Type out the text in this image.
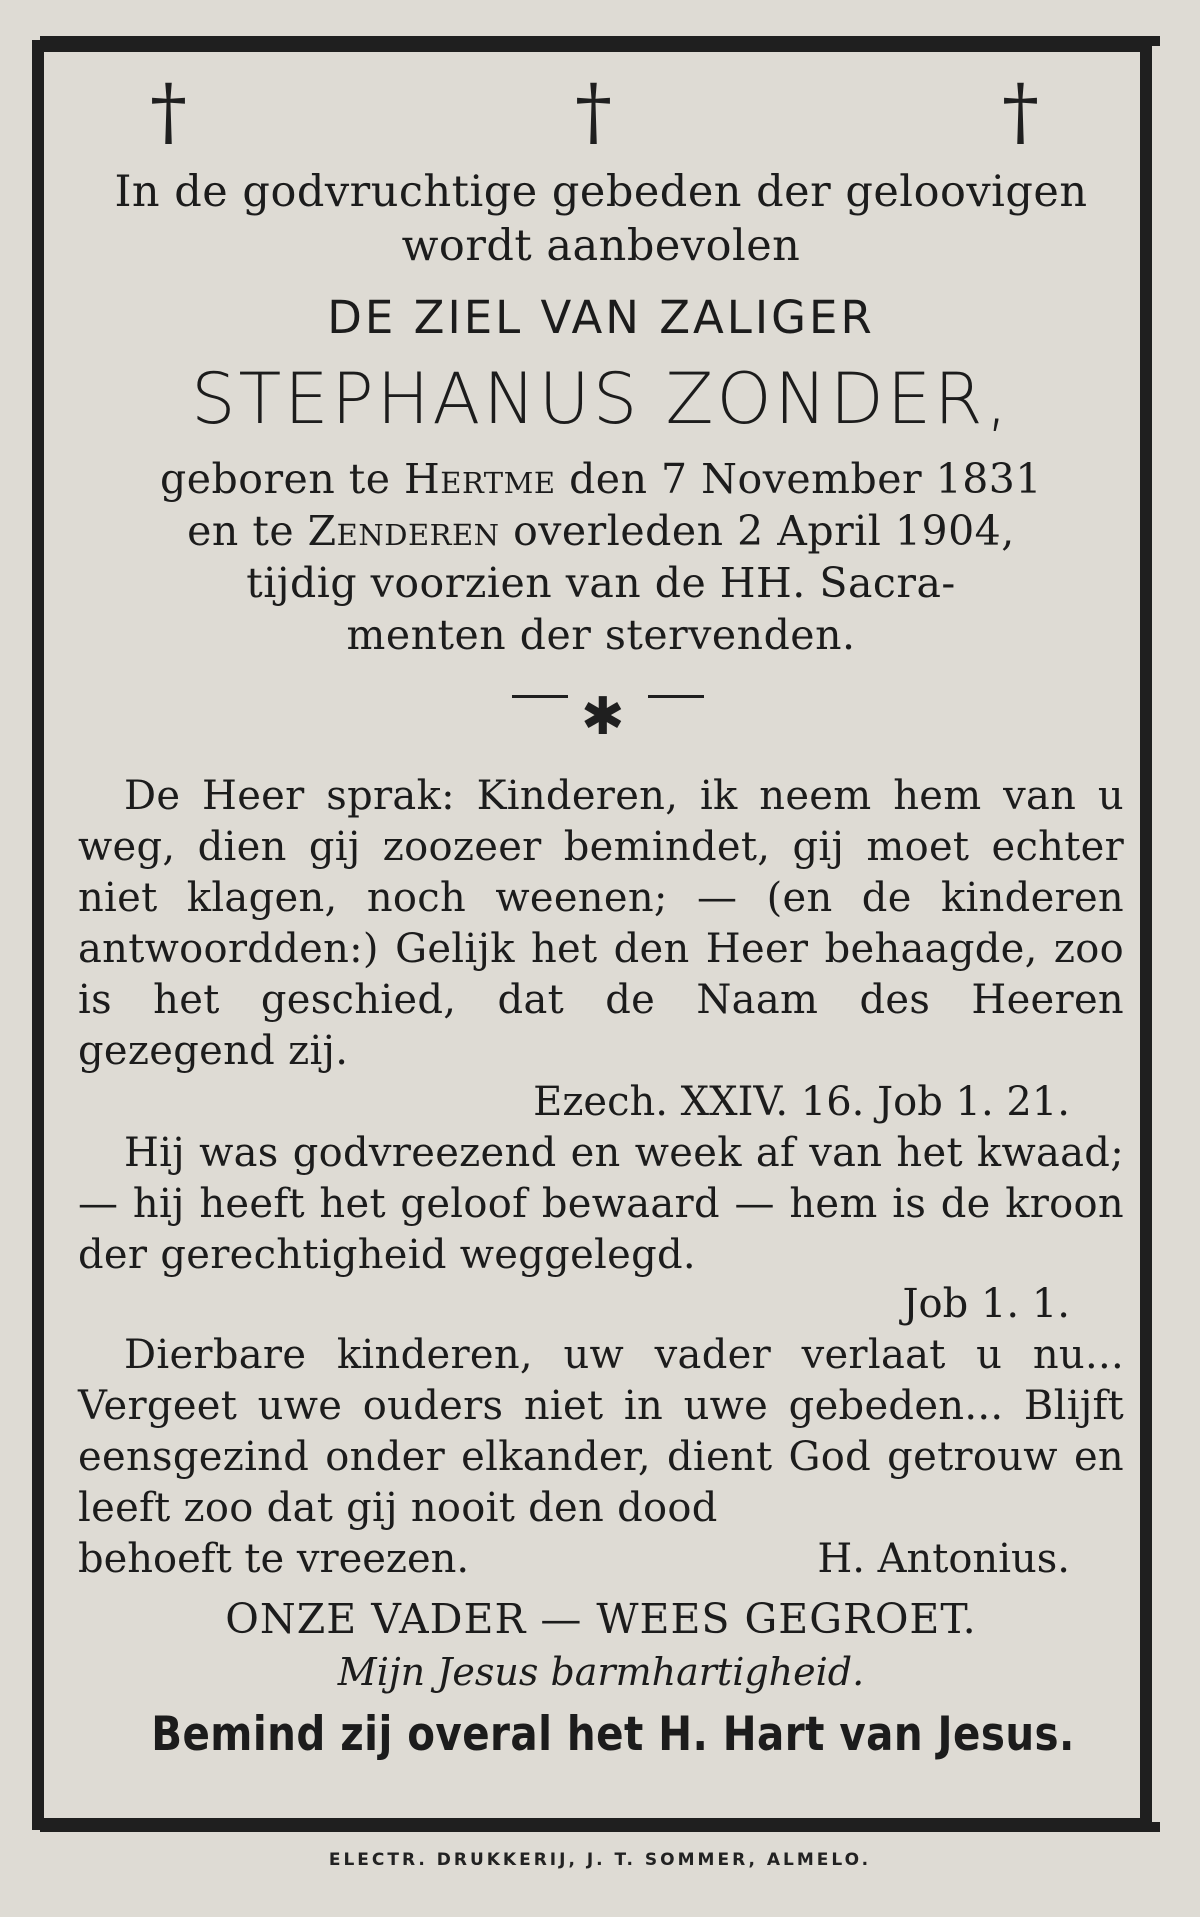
†	†	†
In de godvruchtige gebeden der geloovigen
wordt aanbevolen
DE ZIEL VAN ZALIGER
STEPHANUS ZONDER,
geboren te Hertme den 7 November 1831
en te Zenderen overleden 2 April 1904,
tijdig voorzien van de HH. Sacra-
menten der stervenden.
✱
De Heer sprak: Kinderen, ik neem hem van u weg, dien gij zoozeer bemindet, gij moet echter niet klagen, noch weenen; — (en de kinderen antwoordden:) Gelijk het den Heer behaagde, zoo is het geschied, dat de Naam des Heeren gezegend zij.
Ezech. XXIV. 16. Job 1. 21.
Hij was godvreezend en week af van het kwaad; — hij heeft het geloof bewaard — hem is de kroon der gerechtigheid weggelegd.
Job 1. 1.
Dierbare kinderen, uw vader verlaat u nu... Vergeet uwe ouders niet in uwe gebeden... Blijft eensgezind onder elkander, dient God getrouw en leeft zoo dat gij nooit den dood
behoeft te vreezen.	H. Antonius.
ONZE VADER — WEES GEGROET.
Mijn Jesus barmhartigheid.
Bemind zij overal het H. Hart van Jesus.
ELECTR. DRUKKERIJ, J. T. SOMMER, ALMELO.
